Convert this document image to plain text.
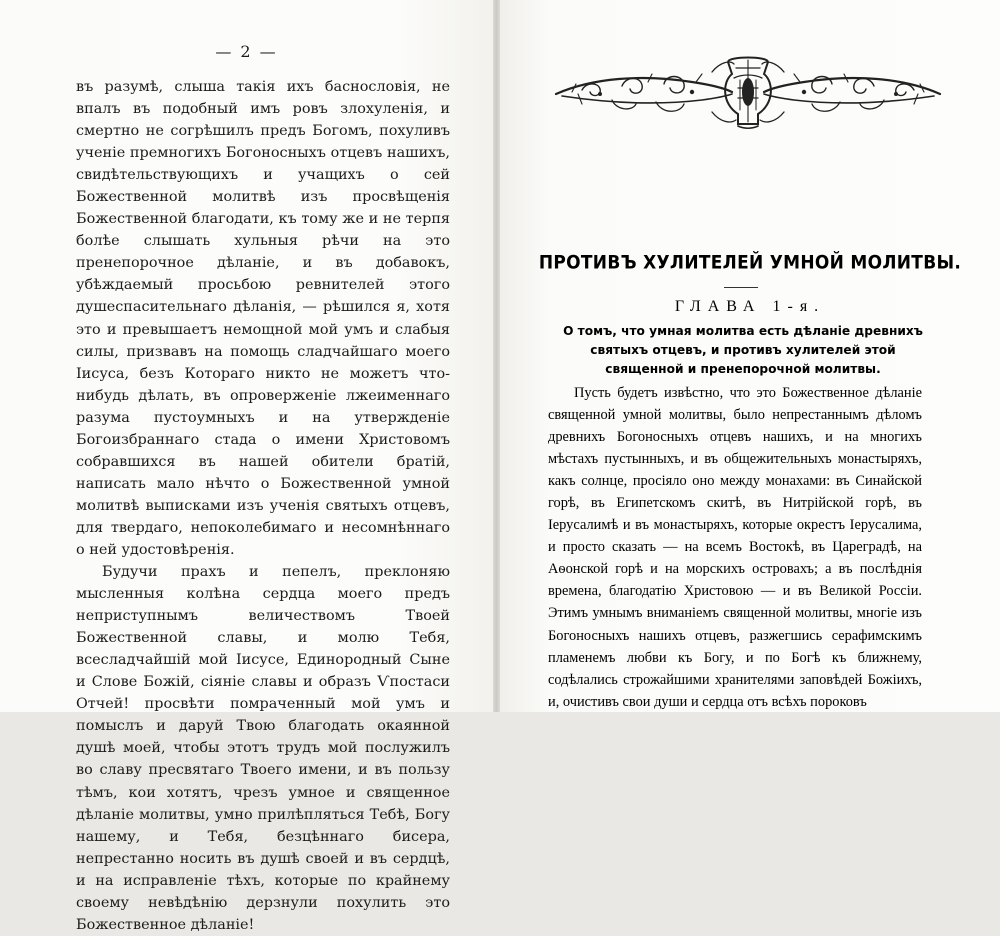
— 2 —

въ разумѣ, слыша такія ихъ баснословія, не впалъ въ подобный имъ ровъ злохуленія, и смертно не согрѣшилъ предъ Богомъ, похуливъ ученіе премногихъ Богоносныхъ отцевъ нашихъ, свидѣтельствующихъ и учащихъ о сей Божественной молитвѣ изъ просвѣщенія Божественной благодати, къ тому же и не терпя болѣе слышать хульныя рѣчи на это пренепорочное дѣланіе, и въ добавокъ, убѣждаемый просьбою ревнителей этого душеспасительнаго дѣланія, — рѣшился я, хотя это и превышаетъ немощной мой умъ и слабыя силы, призвавъ на помощь сладчайшаго моего Іисуса, безъ Котораго никто не можетъ что-нибудь дѣлать, въ опроверженіе лжеименнаго разума пустоумныхъ и на утвержденіе Богоизбраннаго стада о имени Христовомъ собравшихся въ нашей обители братій, написать мало нѣчто о Божественной умной молитвѣ выписками изъ ученія святыхъ отцевъ, для твердаго, непоколебимаго и несомнѣннаго о ней удостовѣренія.

Будучи прахъ и пепелъ, преклоняю мысленныя колѣна сердца моего предъ неприступнымъ величествомъ Твоей Божественной славы, и молю Тебя, всесладчайшій мой Іисусе, Единородный Сыне и Слове Божій, сіяніе славы и образъ Ѵпостаси Отчей! просвѣти помраченный мой умъ и помыслъ и даруй Твою благодать окаянной душѣ моей, чтобы этотъ трудъ мой послужилъ во славу пресвятаго Твоего имени, и въ пользу тѣмъ, кои хотятъ, чрезъ умное и священное дѣланіе молитвы, умно прилѣпляться Тебѣ, Богу нашему, и Тебя, безцѣннаго бисера, непрестанно носить въ душѣ своей и въ сердцѣ, и на исправленіе тѣхъ, которые по крайнему своему невѣдѣнію дерзнули похулить это Божественное дѣланіе!

ПРОТИВЪ ХУЛИТЕЛЕЙ УМНОЙ МОЛИТВЫ.
ГЛАВА 1-я.
О томъ, что умная молитва есть дѣланіе древнихъ святыхъ отцевъ, и противъ хулителей этой священной и пренепорочной молитвы.

Пусть будетъ извѣстно, что это Божественное дѣланіе священной умной молитвы, было непрестаннымъ дѣломъ древнихъ Богоносныхъ отцевъ нашихъ, и на многихъ мѣстахъ пустынныхъ, и въ общежительныхъ монастыряхъ, какъ солнце, просіяло оно между монахами: въ Синайской горѣ, въ Египетскомъ скитѣ, въ Нитрійской горѣ, въ Іерусалимѣ и въ монастыряхъ, которые окрестъ Іерусалима, и просто сказать — на всемъ Востокѣ, въ Цареградѣ, на Аѳонской горѣ и на морскихъ островахъ; а въ послѣднія времена, благодатію Христовою — и въ Великой Россіи. Этимъ умнымъ вниманіемъ священной молитвы, многіе изъ Богоносныхъ нашихъ отцевъ, разжегшись серафимскимъ пламенемъ любви къ Богу, и по Богѣ къ ближнему, содѣлались строжайшими хранителями заповѣдей Божіихъ, и, очистивъ свои души и сердца отъ всѣхъ пороковъ
